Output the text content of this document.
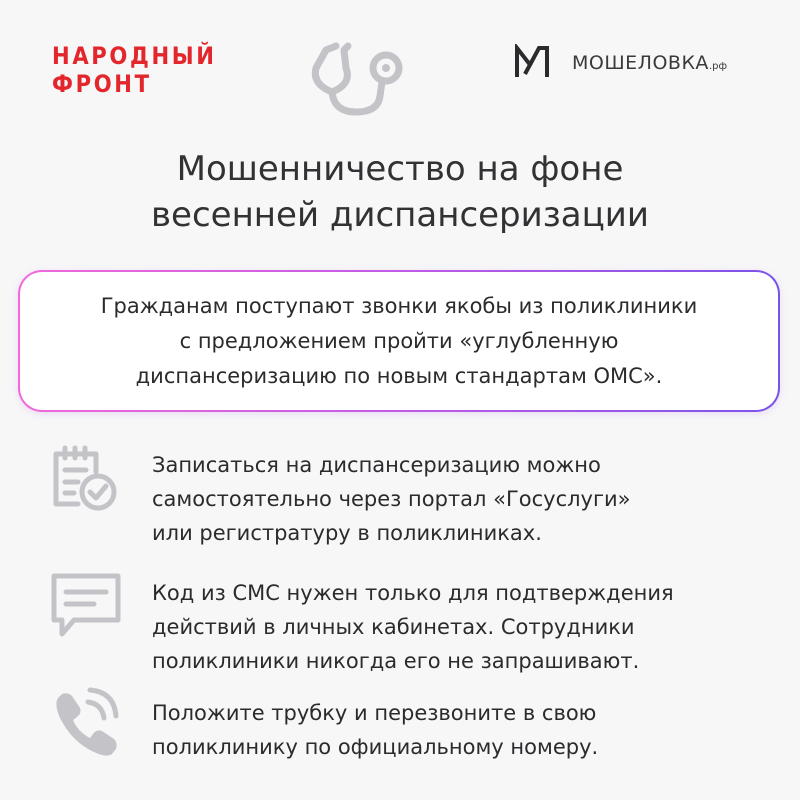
НАРОДНЫЙ
ФРОНТ
МОШЕЛОВКА.рф
Мошенничество на фоне
весенней диспансеризации
Гражданам поступают звонки якобы из поликлиники
с предложением пройти «углубленную
диспансеризацию по новым стандартам ОМС».
Записаться на диспансеризацию можно
самостоятельно через портал «Госуслуги»
или регистратуру в поликлиниках.
Код из СМС нужен только для подтверждения
действий в личных кабинетах. Сотрудники
поликлиники никогда его не запрашивают.
Положите трубку и перезвоните в свою
поликлинику по официальному номеру.
